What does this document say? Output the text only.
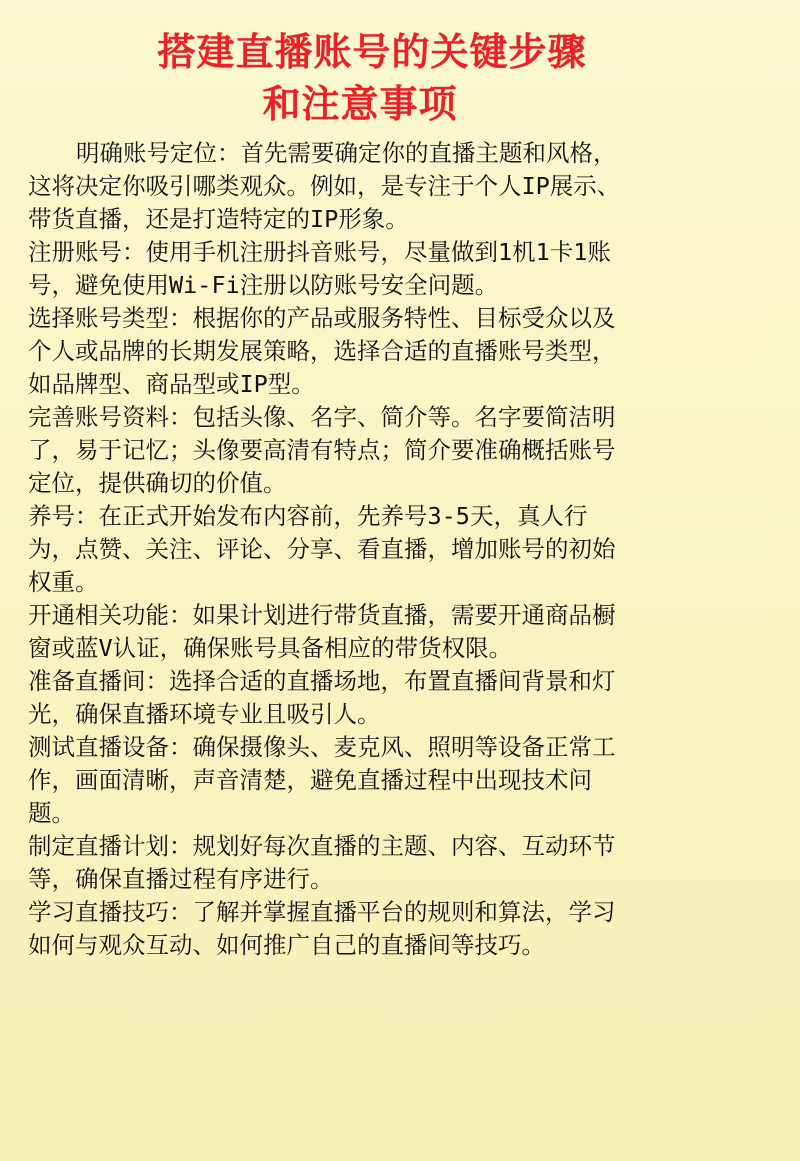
搭建直播账号的关键步骤
和注意事项
明确账号定位：首先需要确定你的直播主题和风格，
这将决定你吸引哪类观众。例如，是专注于个人IP展示、
带货直播，还是打造特定的IP形象。
注册账号：使用手机注册抖音账号，尽量做到1机1卡1账
号，避免使用Wi-Fi注册以防账号安全问题。
选择账号类型：根据你的产品或服务特性、目标受众以及
个人或品牌的长期发展策略，选择合适的直播账号类型，
如品牌型、商品型或IP型。
完善账号资料：包括头像、名字、简介等。名字要简洁明
了，易于记忆；头像要高清有特点；简介要准确概括账号
定位，提供确切的价值。
养号：在正式开始发布内容前，先养号3-5天，真人行
为，点赞、关注、评论、分享、看直播，增加账号的初始
权重。
开通相关功能：如果计划进行带货直播，需要开通商品橱
窗或蓝V认证，确保账号具备相应的带货权限。
准备直播间：选择合适的直播场地，布置直播间背景和灯
光，确保直播环境专业且吸引人。
测试直播设备：确保摄像头、麦克风、照明等设备正常工
作，画面清晰，声音清楚，避免直播过程中出现技术问
题。
制定直播计划：规划好每次直播的主题、内容、互动环节
等，确保直播过程有序进行。
学习直播技巧：了解并掌握直播平台的规则和算法，学习
如何与观众互动、如何推广自己的直播间等技巧。
